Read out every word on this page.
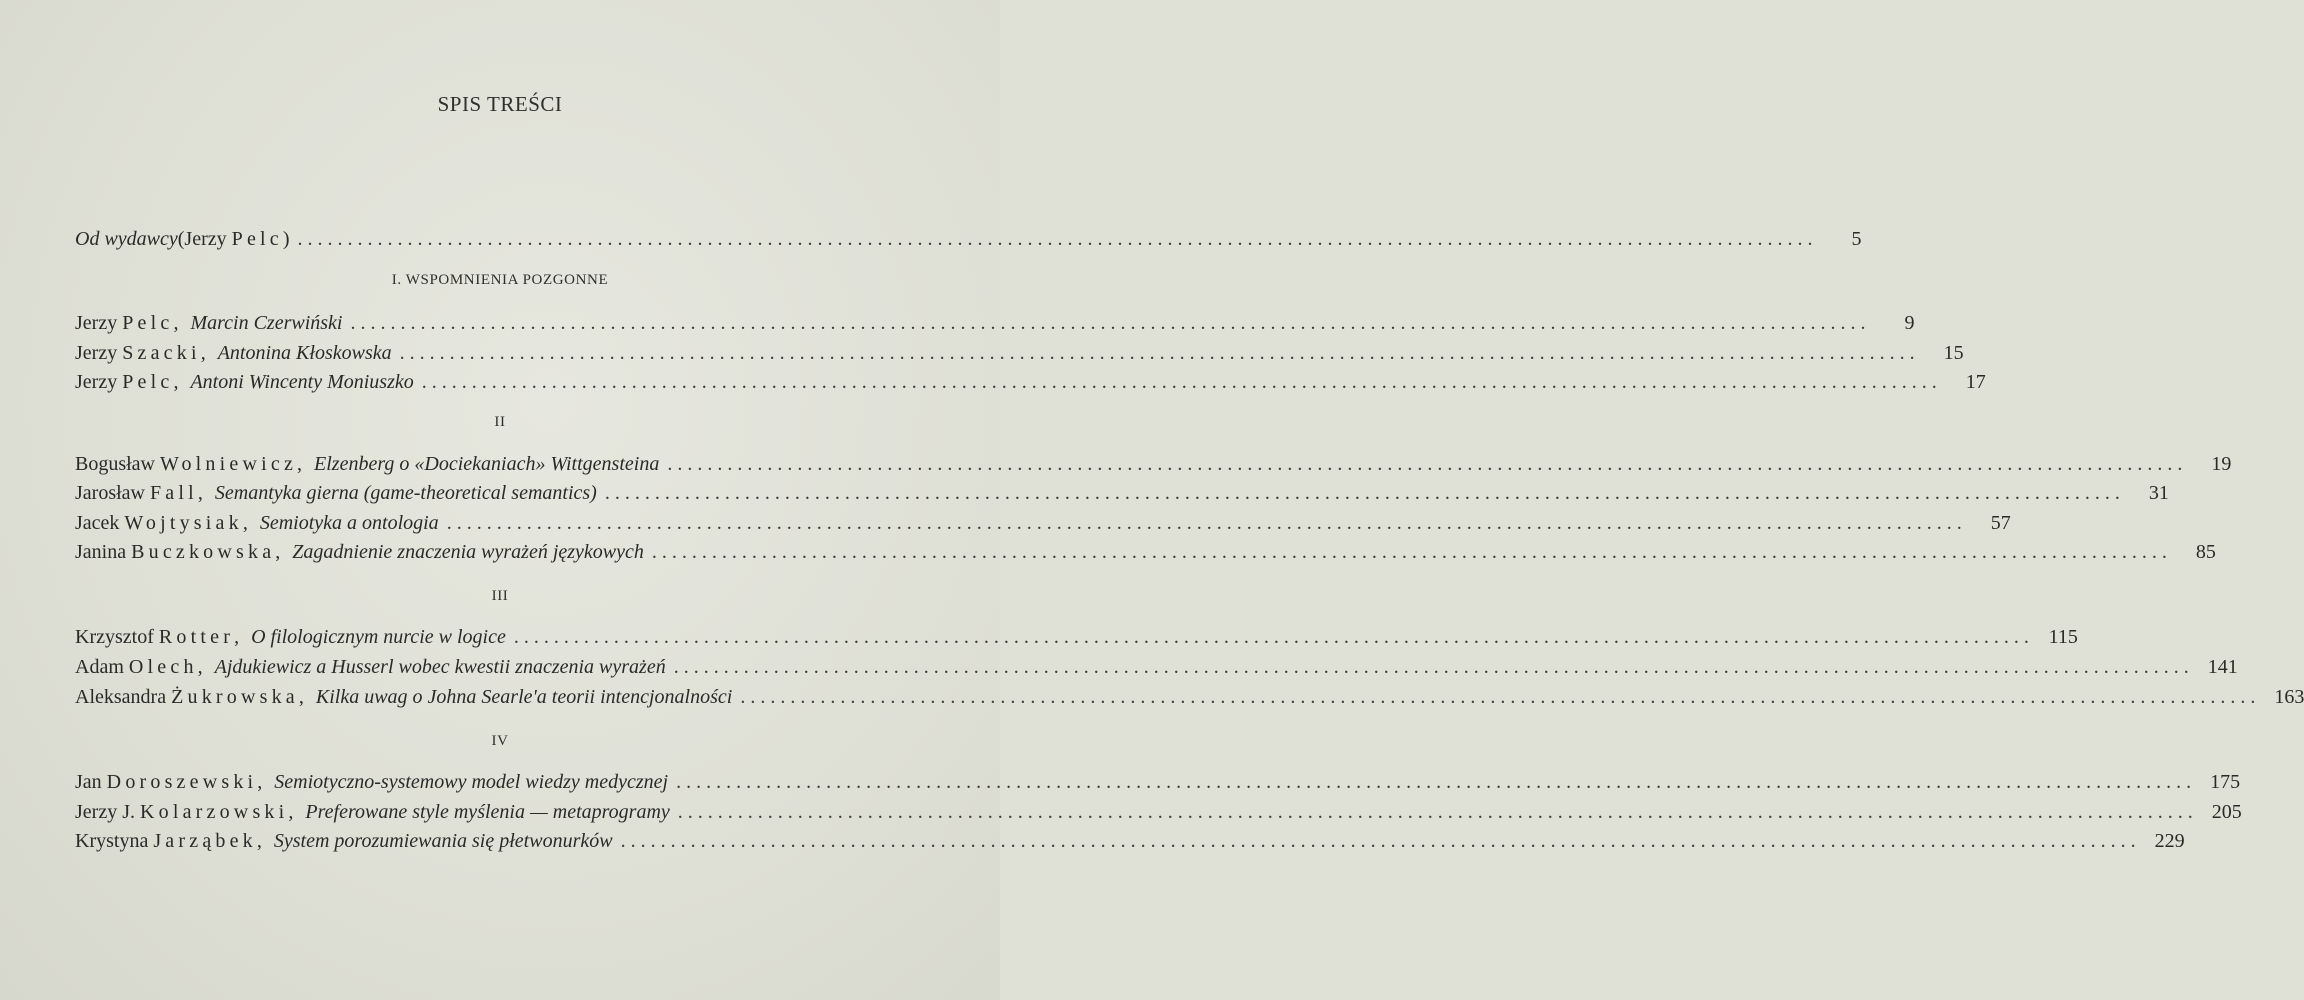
SPIS TREŚCI
Od wydawcy (Jerzy Pelc) ........................................................................................................................................................	5
I. WSPOMNIENIA POZGONNE
Jerzy Pelc , Marcin Czerwiński ........................................................................................................................................................	9
Jerzy Szacki , Antonina Kłoskowska ........................................................................................................................................................	15
Jerzy Pelc , Antoni Wincenty Moniuszko ........................................................................................................................................................	17
II
Bogusław Wolniewicz , Elzenberg o «Dociekaniach» Wittgensteina ........................................................................................................................................................	19
Jarosław Fall , Semantyka gierna (game-theoretical semantics) ........................................................................................................................................................	31
Jacek Wojtysiak , Semiotyka a ontologia ........................................................................................................................................................	57
Janina Buczkowska , Zagadnienie znaczenia wyrażeń językowych ........................................................................................................................................................	85
III
Krzysztof Rotter , O filologicznym nurcie w logice ........................................................................................................................................................ 115
Adam Olech , Ajdukiewicz a Husserl wobec kwestii znaczenia wyrażeń ........................................................................................................................................................ 141
Aleksandra Żukrowska , Kilka uwag o Johna Searle'a teorii intencjonalności ........................................................................................................................................................ 163
IV
Jan Doroszewski , Semiotyczno-systemowy model wiedzy medycznej ........................................................................................................................................................ 175
Jerzy J. Kolarzowski , Preferowane style myślenia — metaprogramy ........................................................................................................................................................ 205
Krystyna Jarząbek , System porozumiewania się płetwonurków ........................................................................................................................................................ 229
